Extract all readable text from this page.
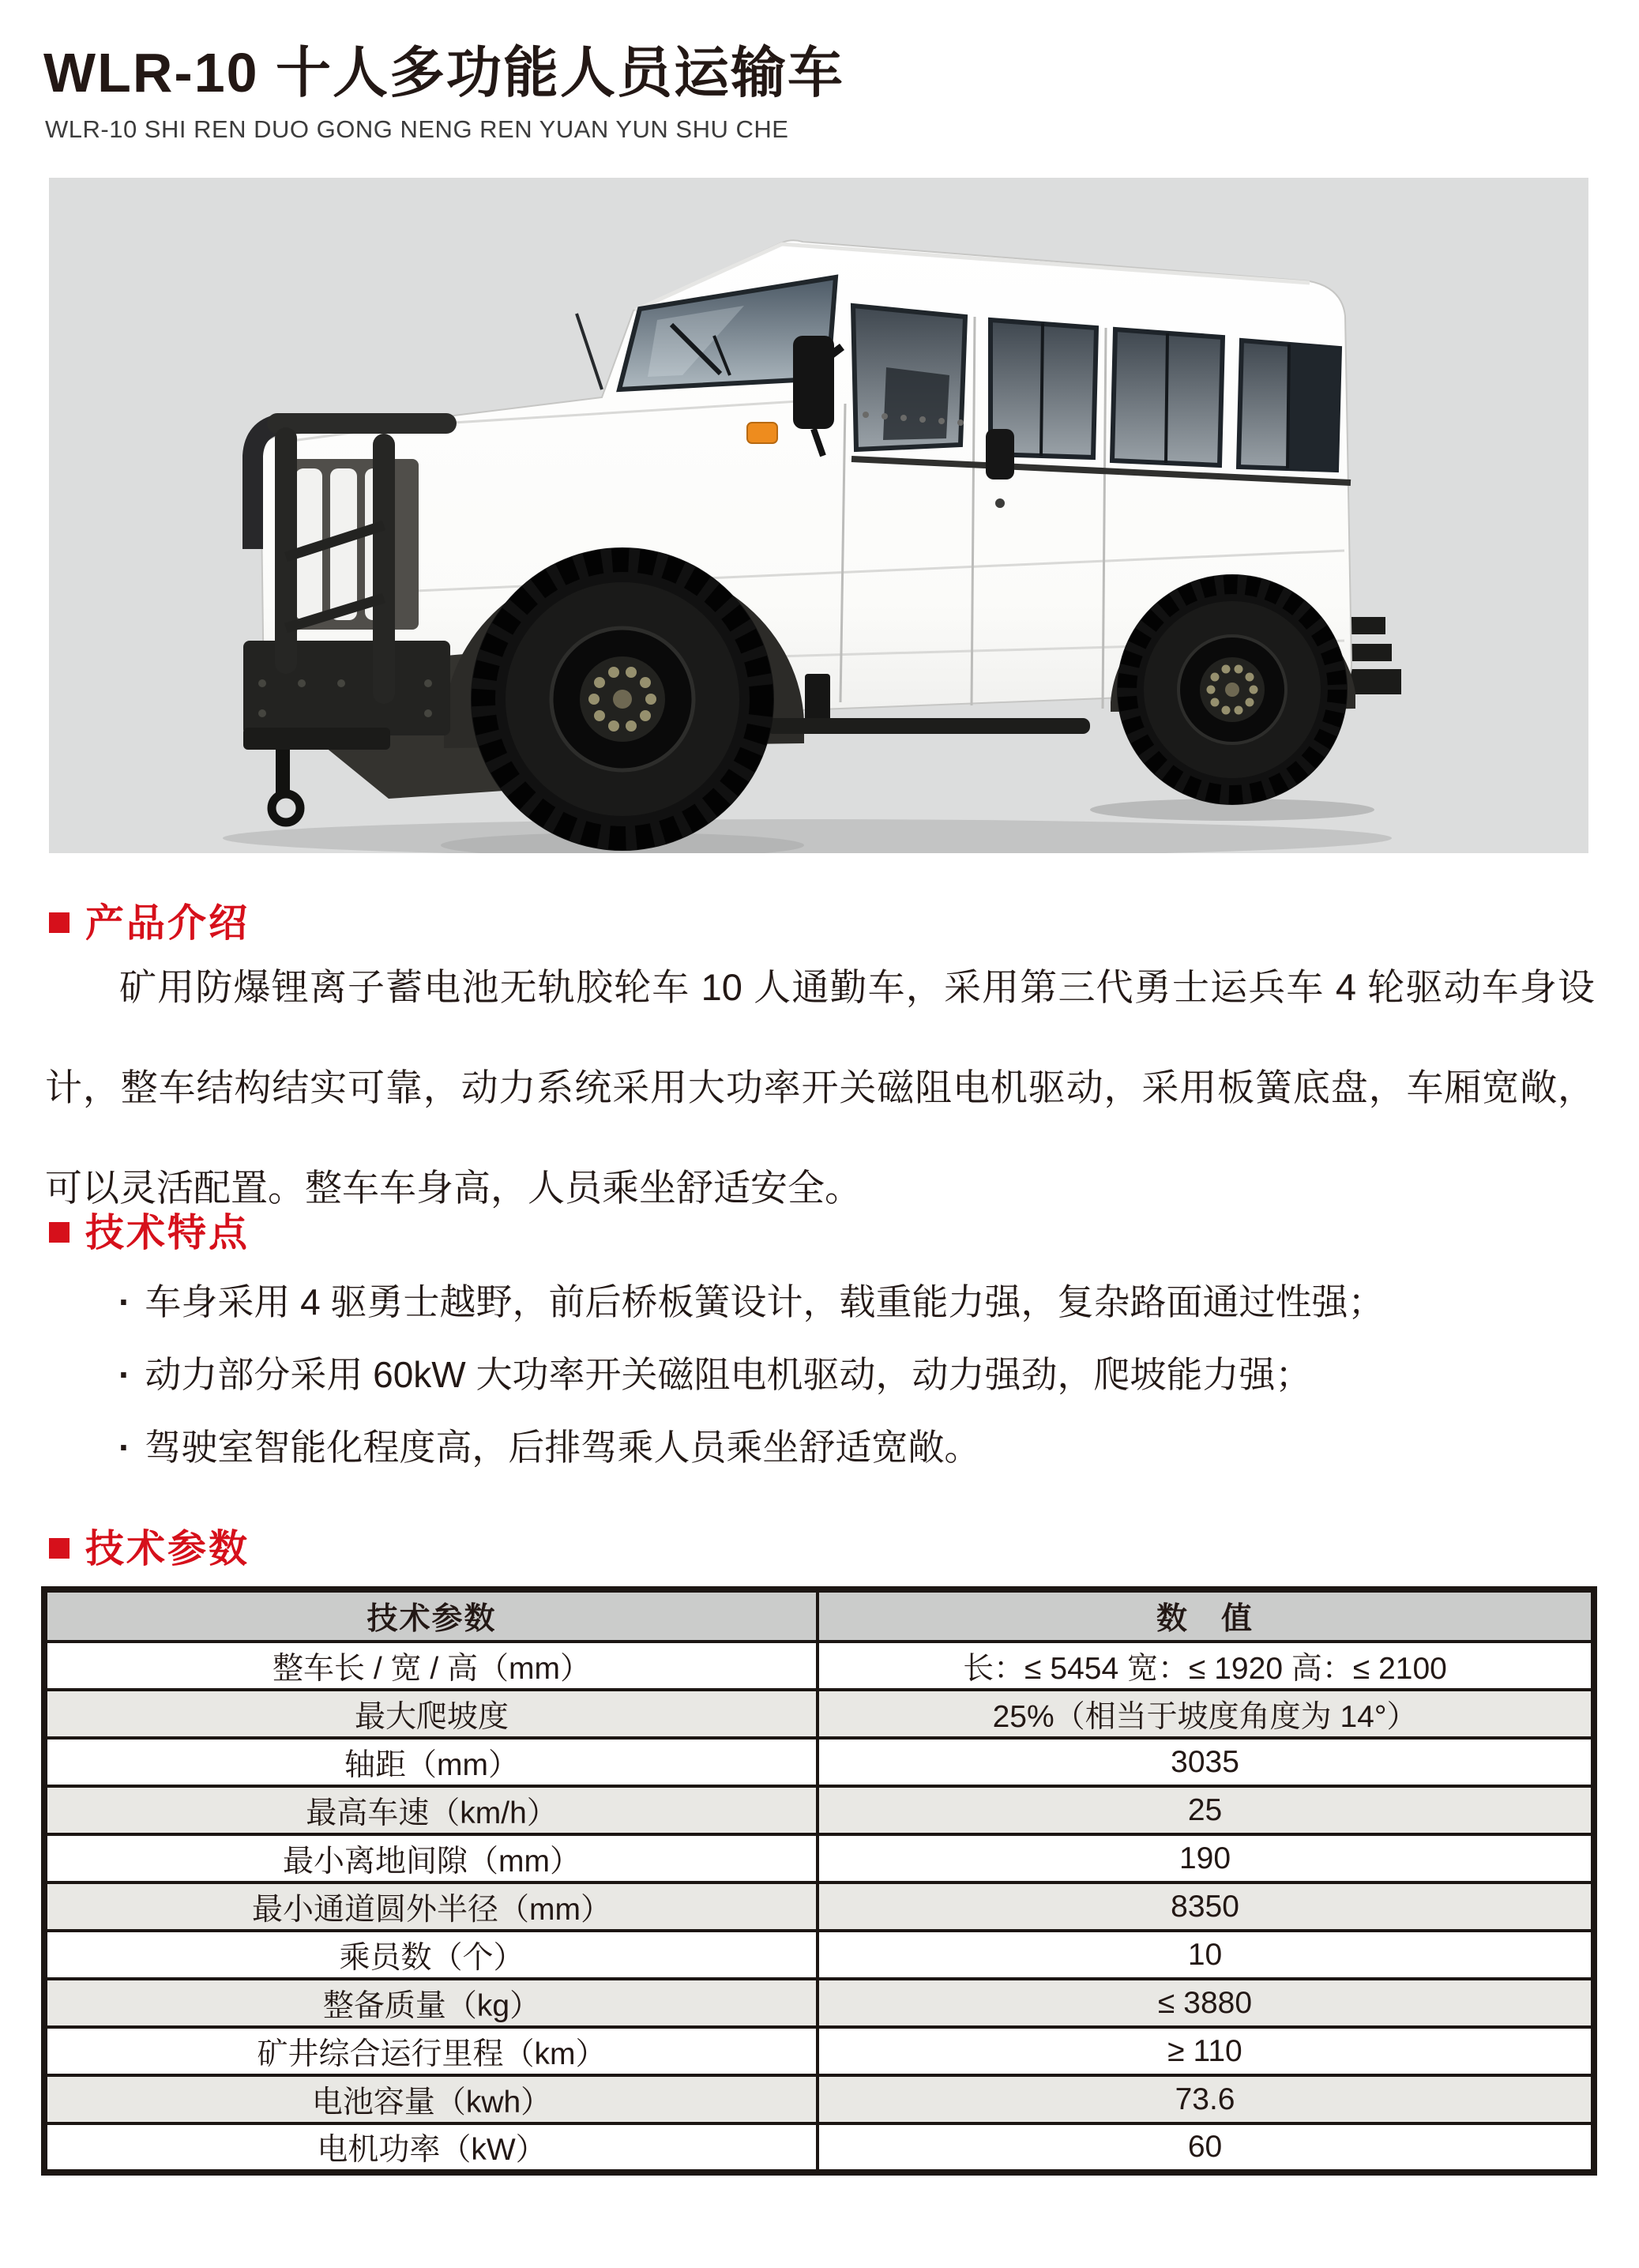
WLR-10 十人多功能人员运输车
WLR-10 SHI REN DUO GONG NENG REN YUAN YUN SHU CHE
产品介绍

矿用防爆锂离子蓄电池无轨胶轮车 10 人通勤车，采用第三代勇士运兵车 4 轮驱动车身设计，整车结构结实可靠，动力系统采用大功率开关磁阻电机驱动，采用板簧底盘，车厢宽敞，可以灵活配置。整车车身高，人员乘坐舒适安全。

技术特点
· 车身采用 4 驱勇士越野，前后桥板簧设计，载重能力强，复杂路面通过性强；
· 动力部分采用 60kW 大功率开关磁阻电机驱动，动力强劲，爬坡能力强；
· 驾驶室智能化程度高，后排驾乘人员乘坐舒适宽敞。
技术参数
技术参数	数　值
整车长 / 宽 / 高（mm）	长：≤ 5454 宽：≤ 1920 高：≤ 2100
最大爬坡度	25%（相当于坡度角度为 14°）
轴距（mm）	3035
最高车速（km/h）	25
最小离地间隙（mm）	190
最小通道圆外半径（mm）	8350
乘员数（个）	10
整备质量（kg）	≤ 3880
矿井综合运行里程（km）	≥ 110
电池容量（kwh）	73.6
电机功率（kW）	60
